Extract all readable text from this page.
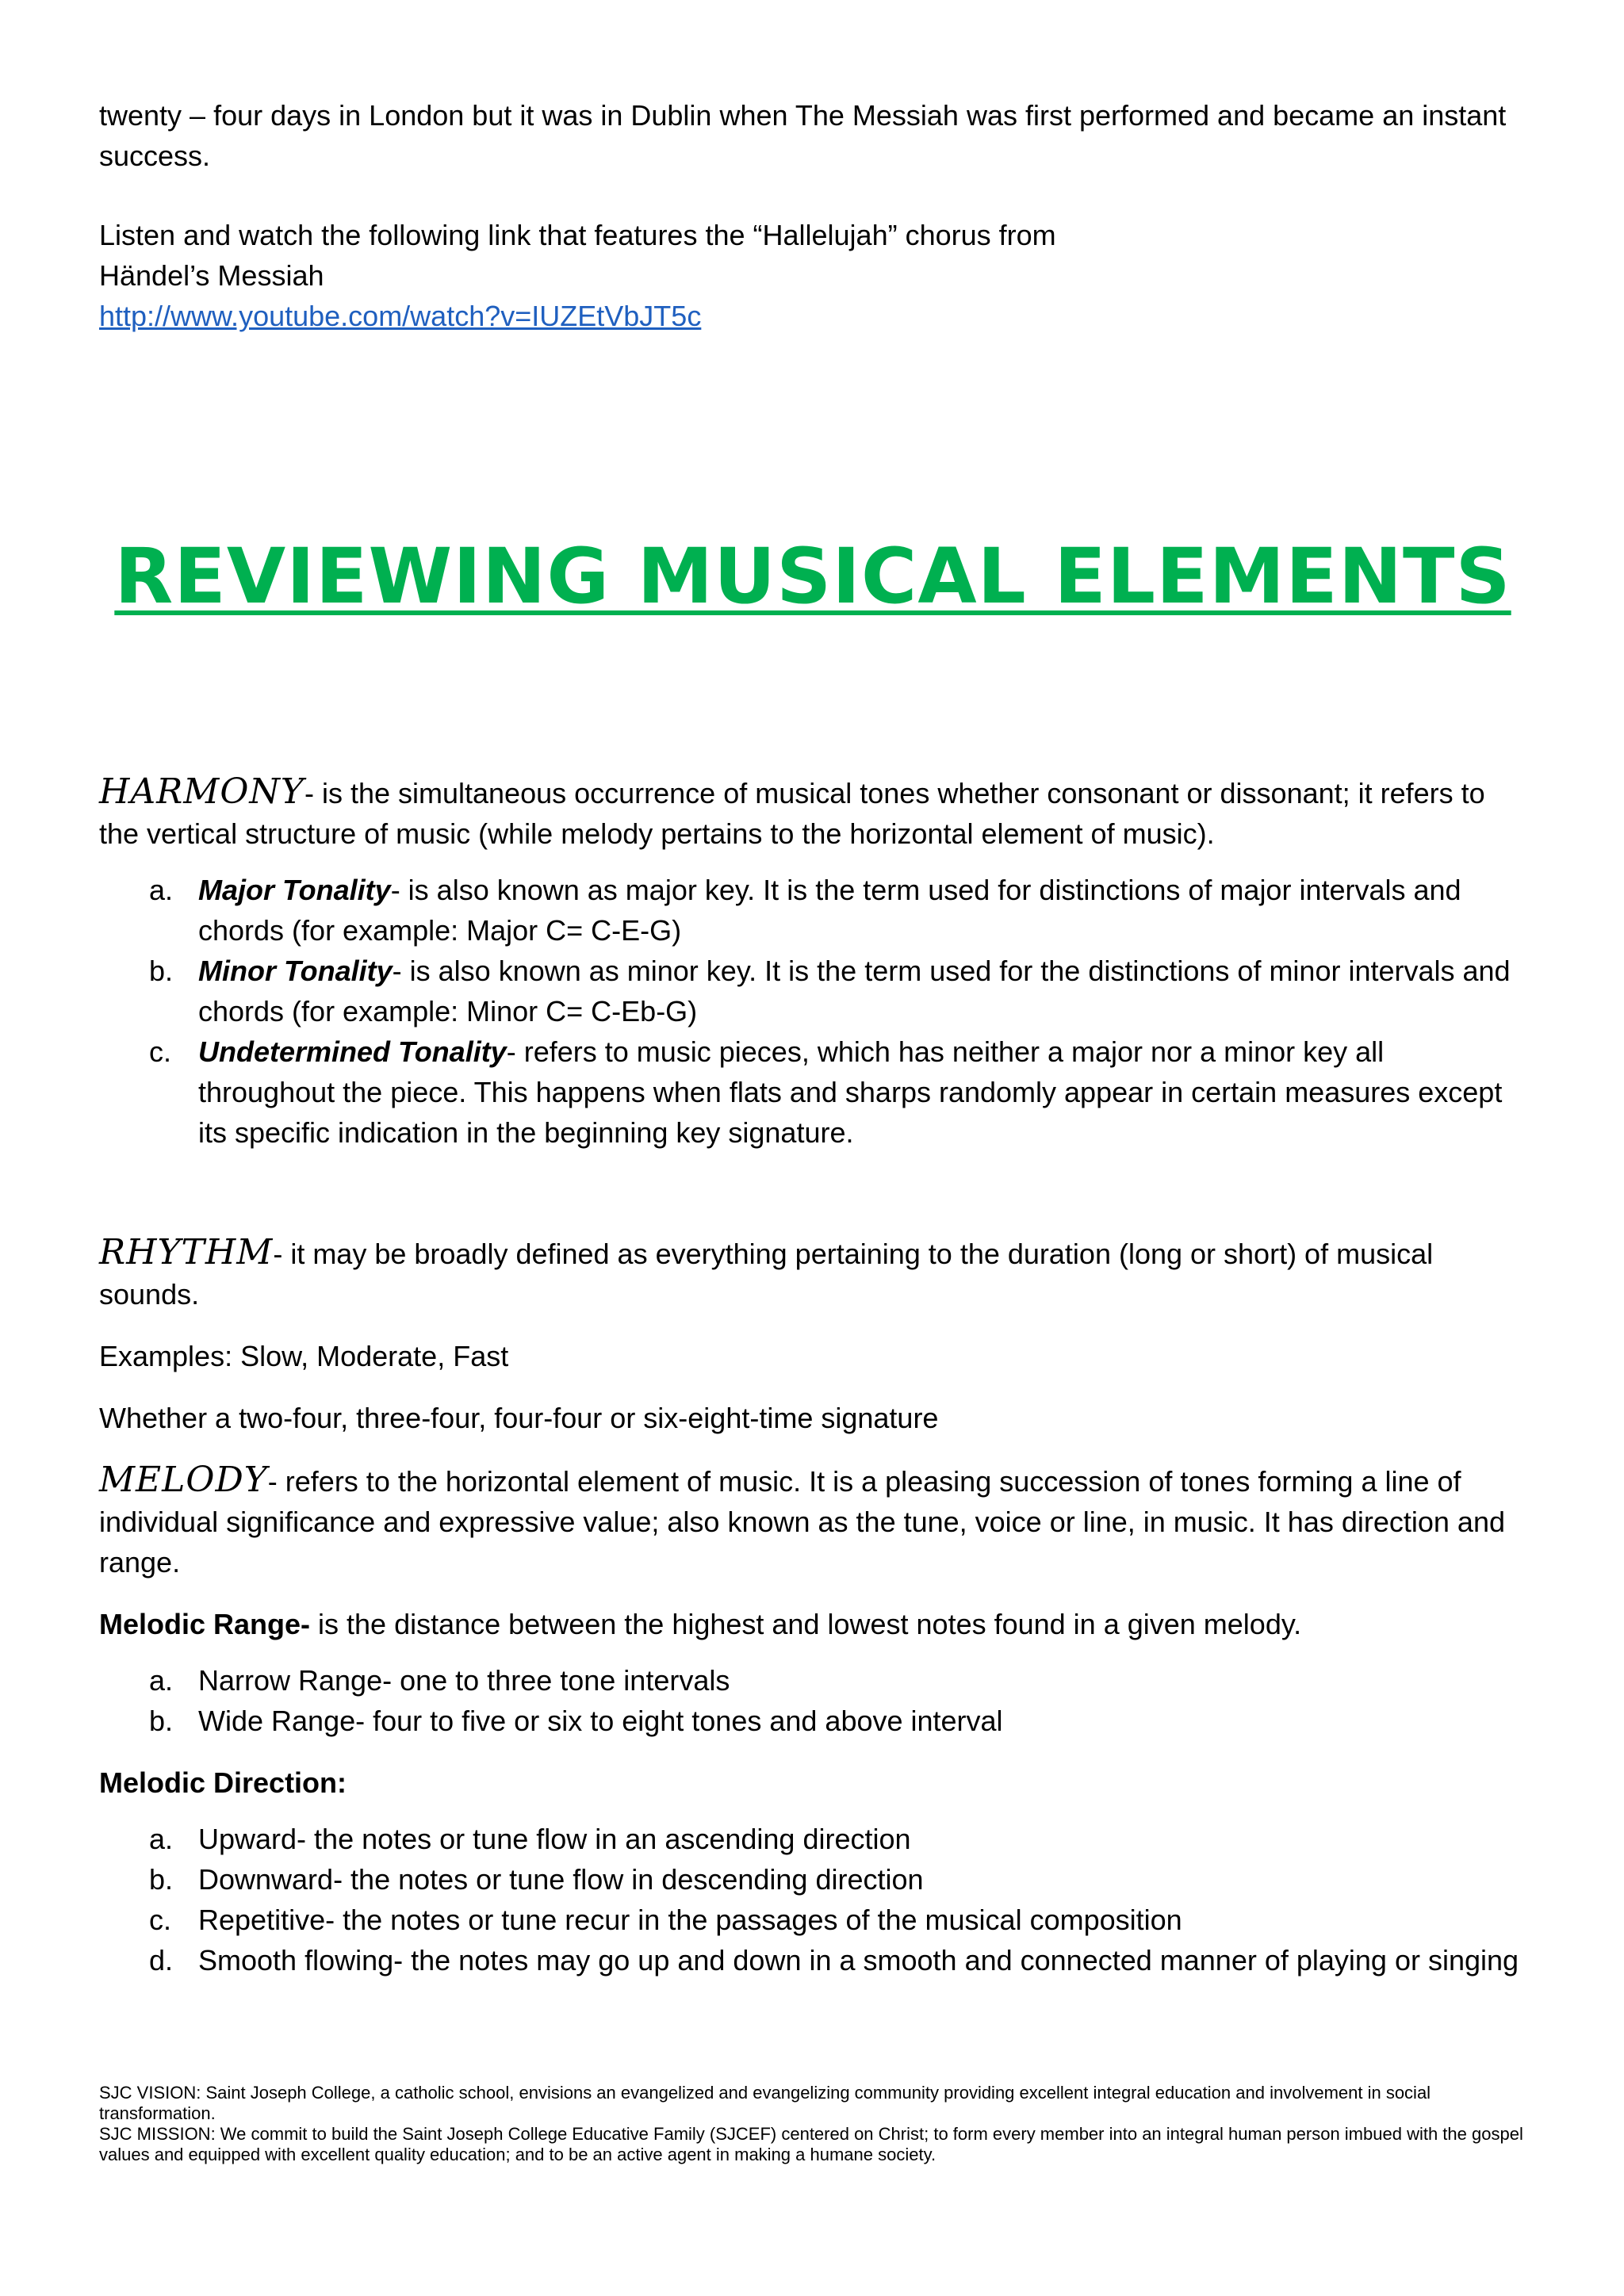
twenty – four days in London but it was in Dublin when The Messiah was first performed and became an instant success.

Listen and watch the following link that features the “Hallelujah” chorus from
Händel’s Messiah
http://www.youtube.com/watch?v=IUZEtVbJT5c

REVIEWING MUSICAL ELEMENTS

HARMONY- is the simultaneous occurrence of musical tones whether consonant or dissonant; it refers to the vertical structure of music (while melody pertains to the horizontal element of music).

a. Major Tonality- is also known as major key. It is the term used for distinctions of major intervals and chords (for example: Major C= C-E-G)
b. Minor Tonality- is also known as minor key. It is the term used for the distinctions of minor intervals and chords (for example: Minor C= C-Eb-G)
c. Undetermined Tonality- refers to music pieces, which has neither a major nor a minor key all throughout the piece. This happens when flats and sharps randomly appear in certain measures except its specific indication in the beginning key signature.

RHYTHM- it may be broadly defined as everything pertaining to the duration (long or short) of musical sounds.

Examples: Slow, Moderate, Fast

Whether a two-four, three-four, four-four or six-eight-time signature

MELODY- refers to the horizontal element of music. It is a pleasing succession of tones forming a line of individual significance and expressive value; also known as the tune, voice or line, in music. It has direction and range.

Melodic Range- is the distance between the highest and lowest notes found in a given melody.

a. Narrow Range- one to three tone intervals
b. Wide Range- four to five or six to eight tones and above interval

Melodic Direction:

a. Upward- the notes or tune flow in an ascending direction
b. Downward- the notes or tune flow in descending direction
c. Repetitive- the notes or tune recur in the passages of the musical composition
d. Smooth flowing- the notes may go up and down in a smooth and connected manner of playing or singing
SJC VISION: Saint Joseph College, a catholic school, envisions an evangelized and evangelizing community providing excellent integral education and involvement in social transformation.
SJC MISSION: We commit to build the Saint Joseph College Educative Family (SJCEF) centered on Christ; to form every member into an integral human person imbued with the gospel values and equipped with excellent quality education; and to be an active agent in making a humane society.
